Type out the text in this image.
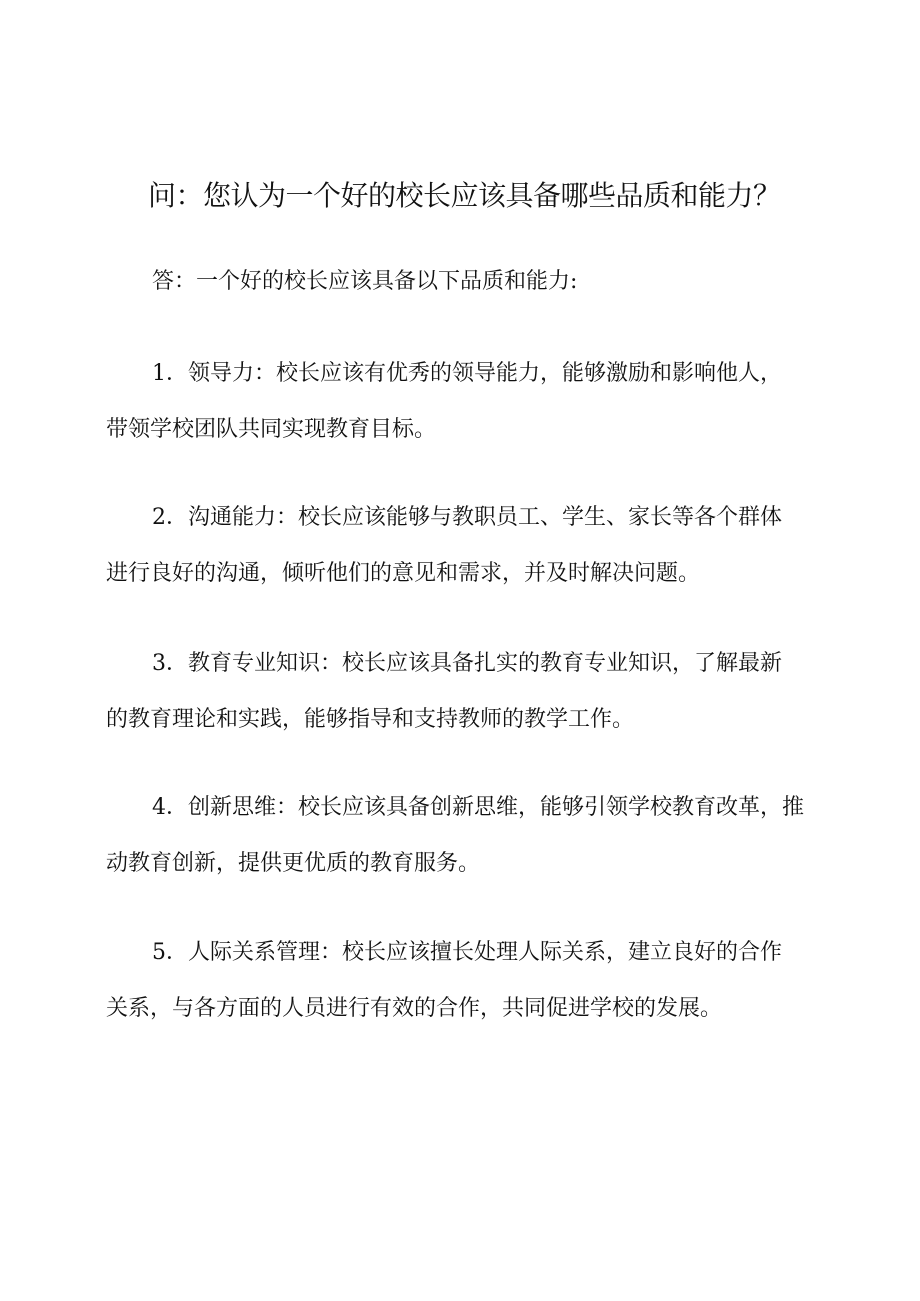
问：您认为一个好的校长应该具备哪些品质和能力？
答：一个好的校长应该具备以下品质和能力:

1．领导力：校长应该有优秀的领导能力，能够激励和影响他人，

带领学校团队共同实现教育目标。

2．沟通能力：校长应该能够与教职员工、学生、家长等各个群体

进行良好的沟通，倾听他们的意见和需求，并及时解决问题。

3．教育专业知识：校长应该具备扎实的教育专业知识，了解最新

的教育理论和实践，能够指导和支持教师的教学工作。

4．创新思维：校长应该具备创新思维，能够引领学校教育改革，推

动教育创新，提供更优质的教育服务。

5．人际关系管理：校长应该擅长处理人际关系，建立良好的合作

关系，与各方面的人员进行有效的合作，共同促进学校的发展。
